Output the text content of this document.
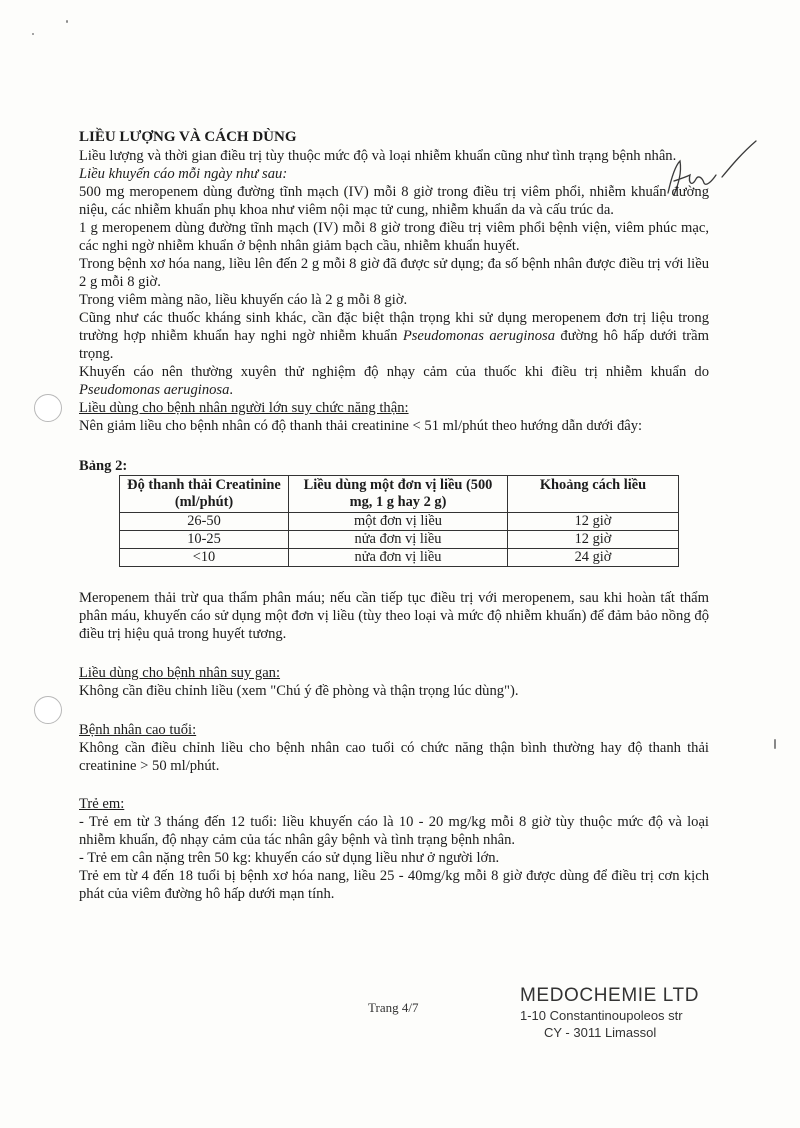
LIỀU LƯỢNG VÀ CÁCH DÙNG

Liều lượng và thời gian điều trị tùy thuộc mức độ và loại nhiễm khuẩn cũng như tình trạng bệnh nhân.

Liều khuyến cáo mỗi ngày như sau:

500 mg meropenem dùng đường tĩnh mạch (IV) mỗi 8 giờ trong điều trị viêm phổi, nhiễm khuẩn đường niệu, các nhiễm khuẩn phụ khoa như viêm nội mạc tử cung, nhiễm khuẩn da và cấu trúc da.

1 g meropenem dùng đường tĩnh mạch (IV) mỗi 8 giờ trong điều trị viêm phổi bệnh viện, viêm phúc mạc, các nghi ngờ nhiễm khuẩn ở bệnh nhân giảm bạch cầu, nhiễm khuẩn huyết.

Trong bệnh xơ hóa nang, liều lên đến 2 g mỗi 8 giờ đã được sử dụng; đa số bệnh nhân được điều trị với liều 2 g mỗi 8 giờ.

Trong viêm màng não, liều khuyến cáo là 2 g mỗi 8 giờ.

Cũng như các thuốc kháng sinh khác, cần đặc biệt thận trọng khi sử dụng meropenem đơn trị liệu trong trường hợp nhiễm khuẩn hay nghi ngờ nhiễm khuẩn Pseudomonas aeruginosa đường hô hấp dưới trầm trọng.

Khuyến cáo nên thường xuyên thử nghiệm độ nhạy cảm của thuốc khi điều trị nhiễm khuẩn do Pseudomonas aeruginosa.

Liều dùng cho bệnh nhân người lớn suy chức năng thận:

Nên giảm liều cho bệnh nhân có độ thanh thải creatinine < 51 ml/phút theo hướng dẫn dưới đây:

Bảng 2:

Độ thanh thải Creatinine (ml/phút)	Liều dùng một đơn vị liều (500 mg, 1 g hay 2 g)	Khoảng cách liều
26-50	một đơn vị liều	12 giờ
10-25	nửa đơn vị liều	12 giờ
<10	nửa đơn vị liều	24 giờ

Meropenem thải trừ qua thẩm phân máu; nếu cần tiếp tục điều trị với meropenem, sau khi hoàn tất thẩm phân máu, khuyến cáo sử dụng một đơn vị liều (tùy theo loại và mức độ nhiễm khuẩn) để đảm bảo nồng độ điều trị hiệu quả trong huyết tương.

Liều dùng cho bệnh nhân suy gan:

Không cần điều chỉnh liều (xem "Chú ý đề phòng và thận trọng lúc dùng").

Bệnh nhân cao tuổi:

Không cần điều chỉnh liều cho bệnh nhân cao tuổi có chức năng thận bình thường hay độ thanh thải creatinine > 50 ml/phút.

Trẻ em:

- Trẻ em từ 3 tháng đến 12 tuổi: liều khuyến cáo là 10 - 20 mg/kg mỗi 8 giờ tùy thuộc mức độ và loại nhiễm khuẩn, độ nhạy cảm của tác nhân gây bệnh và tình trạng bệnh nhân.

- Trẻ em cân nặng trên 50 kg: khuyến cáo sử dụng liều như ở người lớn.

Trẻ em từ 4 đến 18 tuổi bị bệnh xơ hóa nang, liều 25 - 40mg/kg mỗi 8 giờ được dùng để điều trị cơn kịch phát của viêm đường hô hấp dưới mạn tính.

Trang 4/7
MEDOCHEMIE LTD
1-10 Constantinoupoleos str
CY - 3011 Limassol
